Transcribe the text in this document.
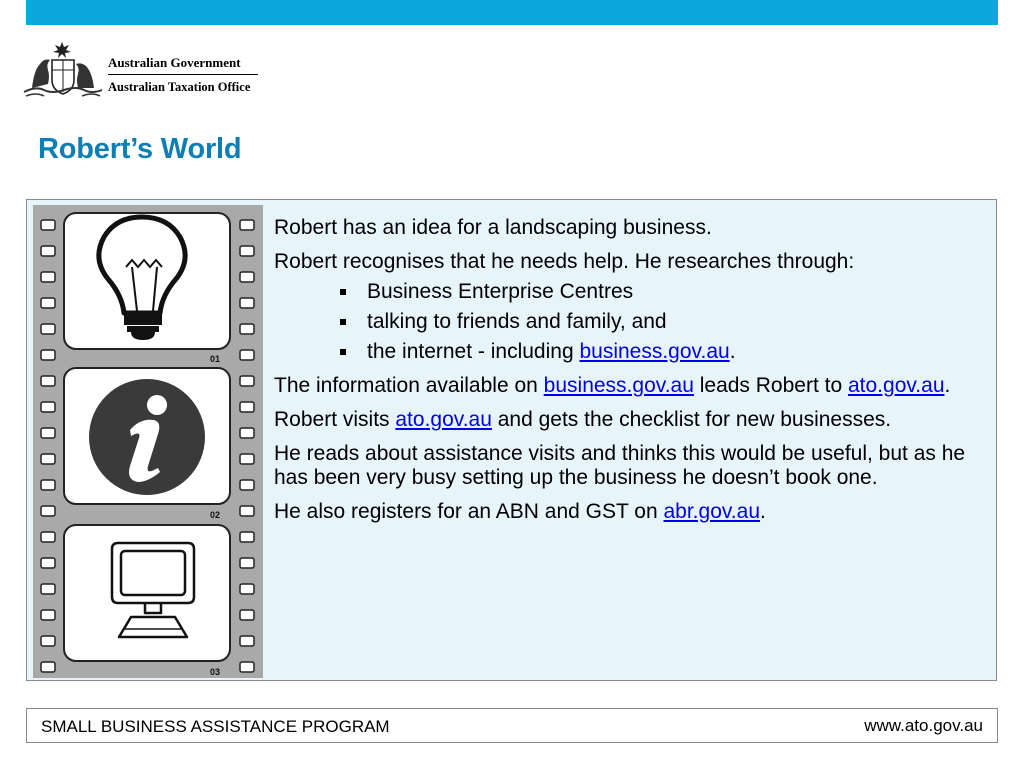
Australian Government
Australian Taxation Office
Robert’s World
01
02
03

Robert has an idea for a landscaping business.

Robert recognises that he needs help. He researches through:

Business Enterprise Centres
talking to friends and family, and
the internet - including business.gov.au.

The information available on business.gov.au leads Robert to ato.gov.au.

Robert visits ato.gov.au and gets the checklist for new businesses.

He reads about assistance visits and thinks this would be useful, but as he has been very busy setting up the business he doesn’t book one.

He also registers for an ABN and GST on abr.gov.au.

SMALL BUSINESS ASSISTANCE PROGRAM	www.ato.gov.au
